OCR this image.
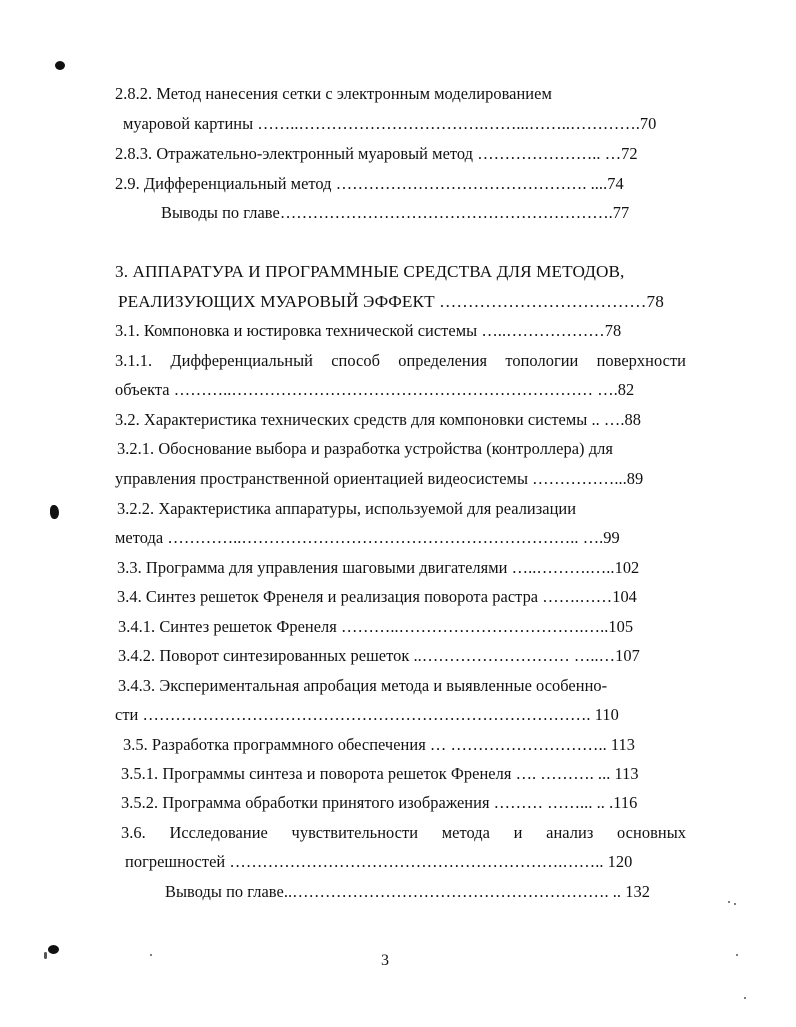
2.8.2. Метод нанесения сетки с электронным моделированием
муаровой картины ……..…………………………….……...……..………….70
2.8.3. Отражательно-электронный муаровый метод ………………….. …72
2.9. Дифференциальный метод ………………………………………. ....74
Выводы по главе…………………………………………………….77
3. АППАРАТУРА И ПРОГРАММНЫЕ СРЕДСТВА ДЛЯ МЕТОДОВ,
РЕАЛИЗУЮЩИХ МУАРОВЫЙ ЭФФЕКТ ………………………………78
3.1. Компоновка и юстировка технической системы …..………………78
3.1.1. Дифференциальный способ определения топологии поверхности
объекта ………..………………………………………………………… ….82
3.2. Характеристика технических средств для компоновки системы .. ….88
3.2.1. Обоснование выбора и разработка устройства (контроллера) для
управления пространственной ориентацией видеосистемы ……………...89
3.2.2. Характеристика аппаратуры, используемой для реализации
метода …………..…………………………………………………….. ….99
3.3. Программа для управления шаговыми двигателями …..……….…..102
3.4. Синтез решеток Френеля и реализация поворота растра …….……104
3.4.1. Синтез решеток Френеля ………..…………………………….…..105
3.4.2. Поворот синтезированных решеток ..……………………… …..…107
3.4.3. Экспериментальная апробация метода и выявленные особенно-
сти ………………………………………………………………………. 110
3.5. Разработка программного обеспечения … ……………………….. 113
3.5.1. Программы синтеза и поворота решеток Френеля …. ………. ... 113
3.5.2. Программа обработки принятого изображения ……… ……... .. .116
3.6. Исследование чувствительности метода и анализ основных
погрешностей …………………………………………………….…….. 120
Выводы по главе..…………………………………………………. .. 132
3
